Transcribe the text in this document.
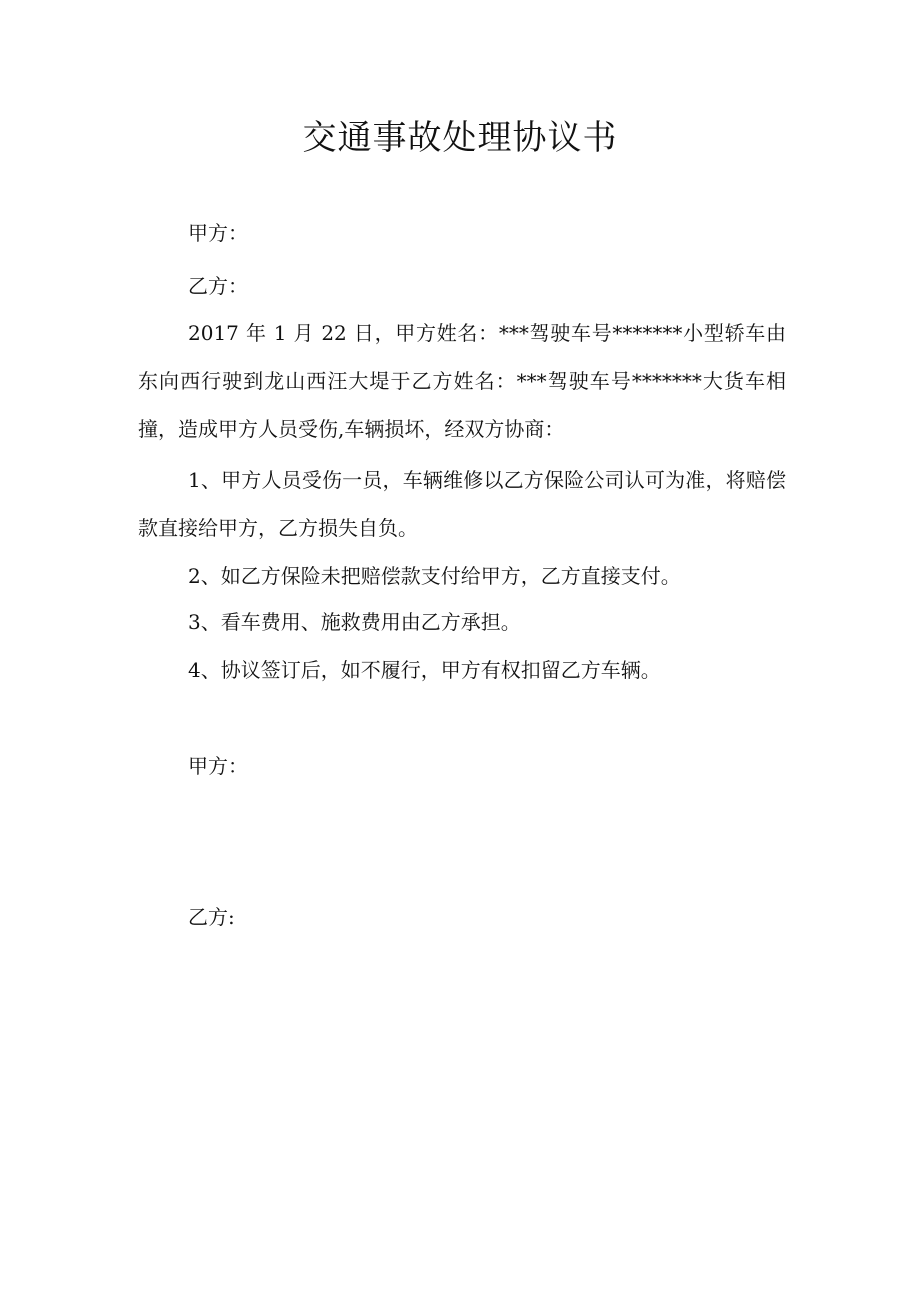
交通事故处理协议书
甲方：
乙方：

2017 年 1 月 22 日，甲方姓名：***驾驶车号*******小型轿车由东向西行驶到龙山西汪大堤于乙方姓名：***驾驶车号*******大货车相撞，造成甲方人员受伤,车辆损坏，经双方协商：

1、甲方人员受伤一员，车辆维修以乙方保险公司认可为准，将赔偿款直接给甲方，乙方损失自负。

2、如乙方保险未把赔偿款支付给甲方，乙方直接支付。
3、看车费用、施救费用由乙方承担。
4、协议签订后，如不履行，甲方有权扣留乙方车辆。
甲方：
乙方:
